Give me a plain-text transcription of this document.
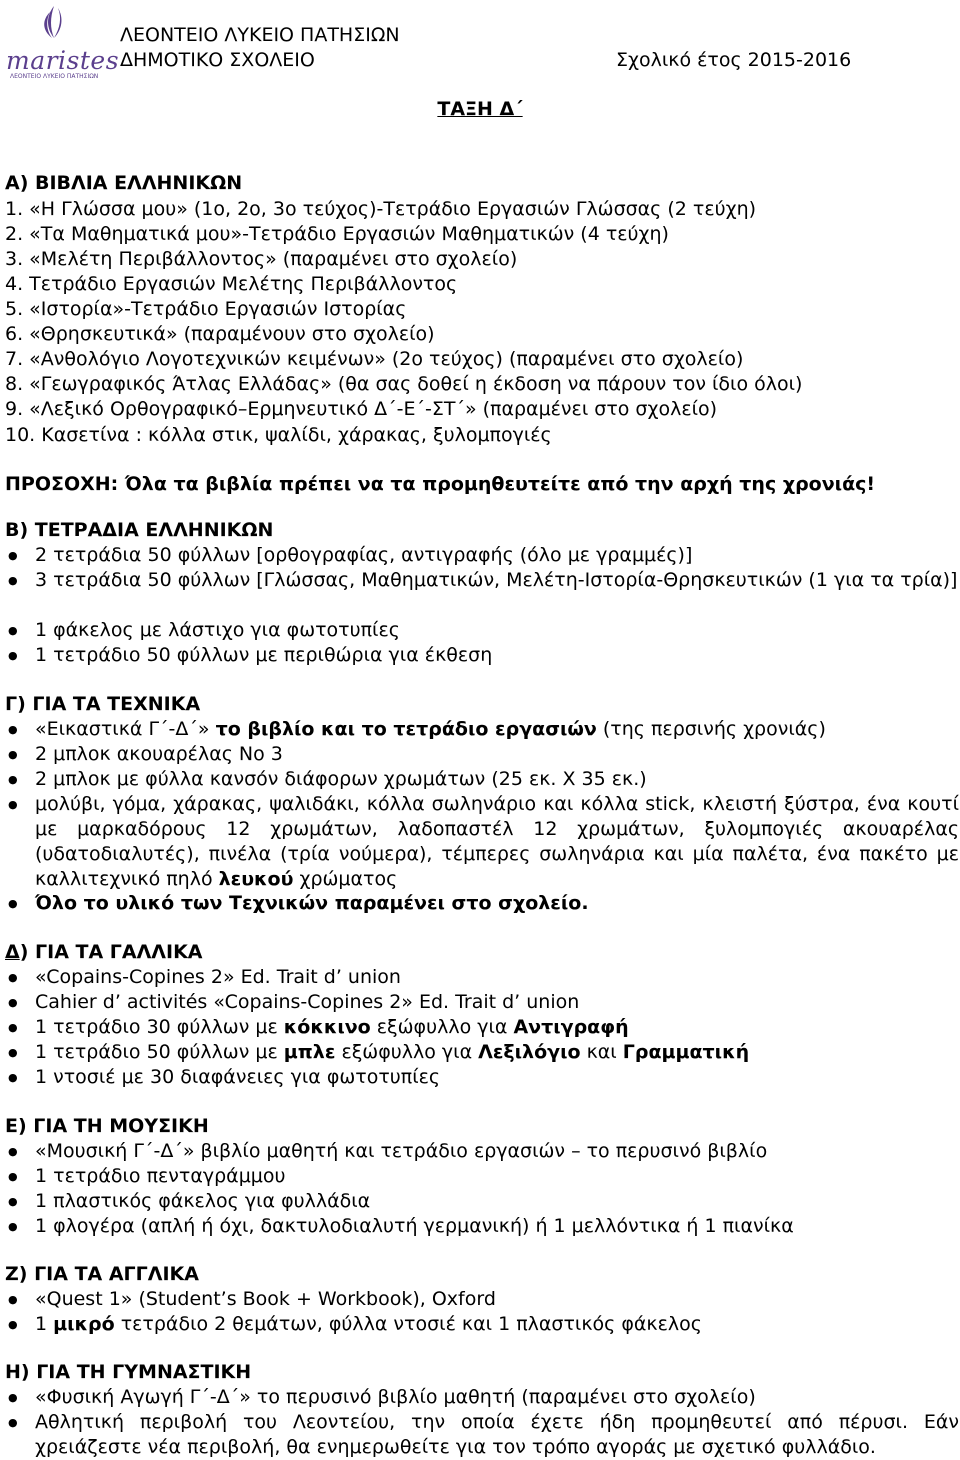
maristes
ΛΕΟΝΤΕΙΟ ΛΥΚΕΙΟ ΠΑΤΗΣΙΩΝ
ΛΕΟΝΤΕΙΟ ΛΥΚΕΙΟ ΠΑΤΗΣΙΩΝ
ΔΗΜΟΤΙΚΟ ΣΧΟΛΕΙΟ	Σχολικό έτος 2015-2016
ΤΑΞΗ Δ΄
Α) ΒΙΒΛΙΑ ΕΛΛΗΝΙΚΩΝ
1. «Η Γλώσσα μου» (1ο, 2ο, 3ο τεύχος)-Τετράδιο Εργασιών Γλώσσας (2 τεύχη)
2. «Τα Μαθηματικά μου»-Τετράδιο Εργασιών Μαθηματικών (4 τεύχη)
3. «Μελέτη Περιβάλλοντος» (παραμένει στο σχολείο)
4. Τετράδιο Εργασιών Μελέτης Περιβάλλοντος
5. «Ιστορία»-Τετράδιο Εργασιών Ιστορίας
6. «Θρησκευτικά» (παραμένουν στο σχολείο)
7. «Ανθολόγιο Λογοτεχνικών κειμένων» (2ο τεύχος) (παραμένει στο σχολείο)
8. «Γεωγραφικός Άτλας Ελλάδας» (θα σας δοθεί η έκδοση να πάρουν τον ίδιο όλοι)
9. «Λεξικό Ορθογραφικό–Ερμηνευτικό Δ΄-Ε΄-ΣΤ΄» (παραμένει στο σχολείο)
10. Κασετίνα : κόλλα στικ, ψαλίδι, χάρακας, ξυλομπογιές
ΠΡΟΣΟΧΗ: Όλα τα βιβλία πρέπει να τα προμηθευτείτε από την αρχή της χρονιάς!
Β) ΤΕΤΡΑΔΙΑ ΕΛΛΗΝΙΚΩΝ
● 2 τετράδια 50 φύλλων [ορθογραφίας, αντιγραφής (όλο με γραμμές)]
● 3 τετράδια 50 φύλλων [Γλώσσας, Μαθηματικών, Μελέτη-Ιστορία-Θρησκευτικών (1 για τα τρία)]
● 1 φάκελος με λάστιχο για φωτοτυπίες
● 1 τετράδιο 50 φύλλων με περιθώρια για έκθεση
Γ) ΓΙΑ ΤΑ ΤΕΧΝΙΚΑ
● «Εικαστικά Γ΄-Δ΄» το βιβλίο και το τετράδιο εργασιών (της περσινής χρονιάς)
● 2 μπλοκ ακουαρέλας Νο 3
● 2 μπλοκ με φύλλα κανσόν διάφορων χρωμάτων (25 εκ. Χ 35 εκ.)
● μολύβι, γόμα, χάρακας, ψαλιδάκι, κόλλα σωληνάριο και κόλλα stick, κλειστή ξύστρα, ένα κουτί με μαρκαδόρους 12 χρωμάτων, λαδοπαστέλ 12 χρωμάτων, ξυλομπογιές ακουαρέλας (υδατοδιαλυτές), πινέλα (τρία νούμερα), τέμπερες σωληνάρια και μία παλέτα, ένα πακέτο με καλλιτεχνικό πηλό λευκού χρώματος
● Όλο το υλικό των Τεχνικών παραμένει στο σχολείο.
Δ) ΓΙΑ ΤΑ ΓΑΛΛΙΚΑ
● «Copains-Copines 2» Ed. Trait d’ union
● Cahier d’ activités «Copains-Copines 2» Ed. Trait d’ union
● 1 τετράδιο 30 φύλλων με κόκκινο εξώφυλλο για Αντιγραφή
● 1 τετράδιο 50 φύλλων με μπλε εξώφυλλο για Λεξιλόγιο και Γραμματική
● 1 ντοσιέ με 30 διαφάνειες για φωτοτυπίες
Ε) ΓΙΑ ΤΗ ΜΟΥΣΙΚΗ
● «Μουσική Γ΄-Δ΄» βιβλίο μαθητή και τετράδιο εργασιών – το περυσινό βιβλίο
● 1 τετράδιο πενταγράμμου
● 1 πλαστικός φάκελος για φυλλάδια
● 1 φλογέρα (απλή ή όχι, δακτυλοδιαλυτή γερμανική) ή 1 μελλόντικα ή 1 πιανίκα
Ζ) ΓΙΑ ΤΑ ΑΓΓΛΙΚΑ
● «Quest 1» (Student’s Book + Workbook), Oxford
● 1 μικρό τετράδιο 2 θεμάτων, φύλλα ντοσιέ και 1 πλαστικός φάκελος
Η) ΓΙΑ ΤΗ ΓΥΜΝΑΣΤΙΚΗ
● «Φυσική Αγωγή Γ΄-Δ΄» το περυσινό βιβλίο μαθητή (παραμένει στο σχολείο)
● Αθλητική περιβολή του Λεοντείου, την οποία έχετε ήδη προμηθευτεί από πέρυσι. Εάν χρειάζεστε νέα περιβολή, θα ενημερωθείτε για τον τρόπο αγοράς με σχετικό φυλλάδιο.
